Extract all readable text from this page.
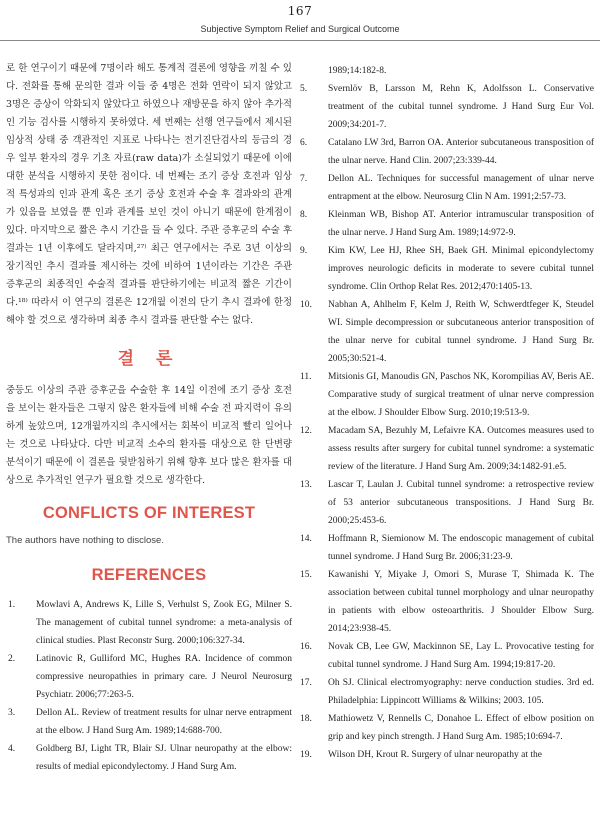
167
Subjective Symptom Relief and Surgical Outcome

로 한 연구이기 때문에 7명이라 해도 통계적 결론에 영향을 끼칠 수 있다. 전화를 통해 문의한 결과 이들 중 4명은 전화 연락이 되지 않았고 3명은 증상이 악화되지 않았다고 하였으나 재방문을 하지 않아 추가적인 기능 검사를 시행하지 못하였다. 세 번째는 선행 연구들에서 제시된 임상적 상태 중 객관적인 지표로 나타나는 전기진단검사의 등급의 경우 일부 환자의 경우 기초 자료(raw data)가 소실되었기 때문에 이에 대한 분석을 시행하지 못한 점이다. 네 번째는 조기 증상 호전과 임상적 특성과의 인과 관계 혹은 조기 증상 호전과 수술 후 결과와의 관계가 있음을 보였을 뿐 인과 관계를 보인 것이 아니기 때문에 한계점이 있다. 마지막으로 짧은 추시 기간을 들 수 있다. 주관 증후군의 수술 후 결과는 1년 이후에도 달라지며,²⁷⁾ 최근 연구에서는 주로 3년 이상의 장기적인 추시 결과를 제시하는 것에 비하여 1년이라는 기간은 주관 증후군의 최종적인 수술적 결과를 판단하기에는 비교적 짧은 기간이다.¹⁸⁾ 따라서 이 연구의 결론은 12개월 이전의 단기 추시 결과에 한정해야 할 것으로 생각하며 최종 추시 결과를 판단할 수는 없다.

결 론

중등도 이상의 주관 증후군을 수술한 후 14일 이전에 조기 증상 호전을 보이는 환자들은 그렇지 않은 환자들에 비해 수술 전 파지력이 유의하게 높았으며, 12개월까지의 추시에서는 회복이 비교적 빨리 일어나는 것으로 나타났다. 다만 비교적 소수의 환자를 대상으로 한 단변량 분석이기 때문에 이 결론을 뒷받침하기 위해 향후 보다 많은 환자를 대상으로 추가적인 연구가 필요할 것으로 생각한다.

CONFLICTS OF INTEREST

The authors have nothing to disclose.

REFERENCES
1. Mowlavi A, Andrews K, Lille S, Verhulst S, Zook EG, Milner S. The management of cubital tunnel syndrome: a meta-analysis of clinical studies. Plast Reconstr Surg. 2000;106:327-34.
2. Latinovic R, Gulliford MC, Hughes RA. Incidence of common compressive neuropathies in primary care. J Neurol Neurosurg Psychiatr. 2006;77:263-5.
3. Dellon AL. Review of treatment results for ulnar nerve entrapment at the elbow. J Hand Surg Am. 1989;14:688-700.
4. Goldberg BJ, Light TR, Blair SJ. Ulnar neuropathy at the elbow: results of medial epicondylectomy. J Hand Surg Am.
1989;14:182-8.
5. Svernlöv B, Larsson M, Rehn K, Adolfsson L. Conservative treatment of the cubital tunnel syndrome. J Hand Surg Eur Vol. 2009;34:201-7.
6. Catalano LW 3rd, Barron OA. Anterior subcutaneous transposition of the ulnar nerve. Hand Clin. 2007;23:339-44.
7. Dellon AL. Techniques for successful management of ulnar nerve entrapment at the elbow. Neurosurg Clin N Am. 1991;2:57-73.
8. Kleinman WB, Bishop AT. Anterior intramuscular transposition of the ulnar nerve. J Hand Surg Am. 1989;14:972-9.
9. Kim KW, Lee HJ, Rhee SH, Baek GH. Minimal epicondylectomy improves neurologic deficits in moderate to severe cubital tunnel syndrome. Clin Orthop Relat Res. 2012;470:1405-13.
10. Nabhan A, Ahlhelm F, Kelm J, Reith W, Schwerdtfeger K, Steudel WI. Simple decompression or subcutaneous anterior transposition of the ulnar nerve for cubital tunnel syndrome. J Hand Surg Br. 2005;30:521-4.
11. Mitsionis GI, Manoudis GN, Paschos NK, Korompilias AV, Beris AE. Comparative study of surgical treatment of ulnar nerve compression at the elbow. J Shoulder Elbow Surg. 2010;19:513-9.
12. Macadam SA, Bezuhly M, Lefaivre KA. Outcomes measures used to assess results after surgery for cubital tunnel syndrome: a systematic review of the literature. J Hand Surg Am. 2009;34:1482-91.e5.
13. Lascar T, Laulan J. Cubital tunnel syndrome: a retrospective review of 53 anterior subcutaneous transpositions. J Hand Surg Br. 2000;25:453-6.
14. Hoffmann R, Siemionow M. The endoscopic management of cubital tunnel syndrome. J Hand Surg Br. 2006;31:23-9.
15. Kawanishi Y, Miyake J, Omori S, Murase T, Shimada K. The association between cubital tunnel morphology and ulnar neuropathy in patients with elbow osteoarthritis. J Shoulder Elbow Surg. 2014;23:938-45.
16. Novak CB, Lee GW, Mackinnon SE, Lay L. Provocative testing for cubital tunnel syndrome. J Hand Surg Am. 1994;19:817-20.
17. Oh SJ. Clinical electromyography: nerve conduction studies. 3rd ed. Philadelphia: Lippincott Williams & Wilkins; 2003. 105.
18. Mathiowetz V, Rennells C, Donahoe L. Effect of elbow position on grip and key pinch strength. J Hand Surg Am. 1985;10:694-7.
19. Wilson DH, Krout R. Surgery of ulnar neuropathy at the
